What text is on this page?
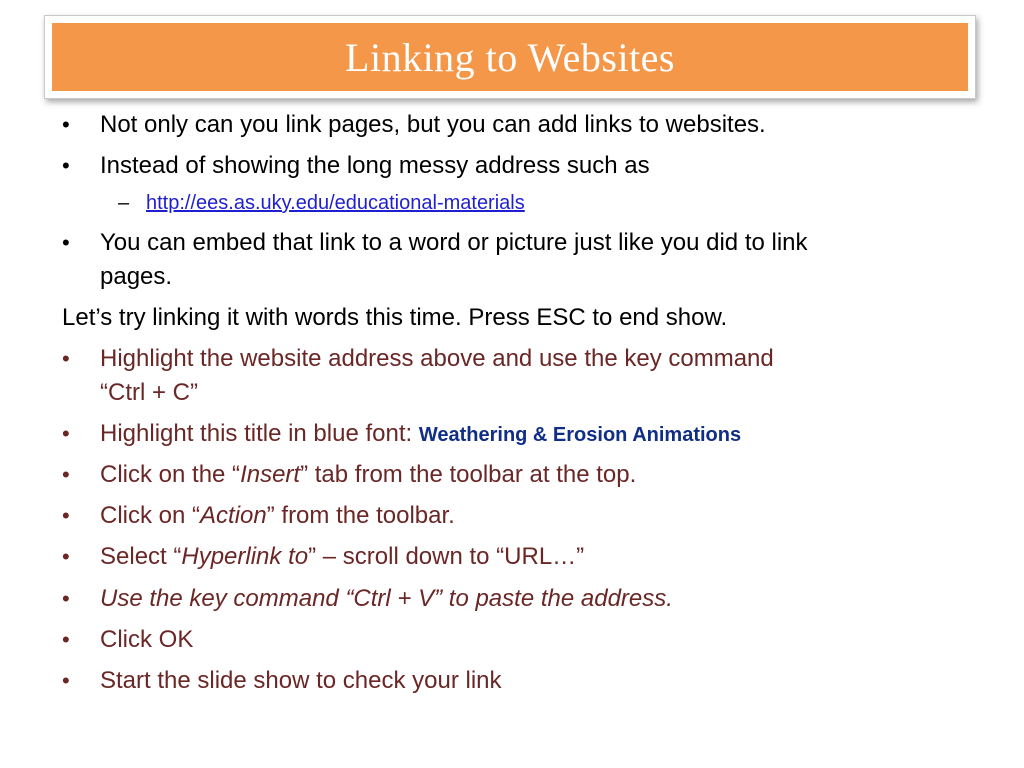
Linking to Websites
• Not only can you link pages, but you can add links to websites.
• Instead of showing the long messy address such as
– http://ees.as.uky.edu/educational-materials
• You can embed that link to a word or picture just like you did to link
pages.
Let’s try linking it with words this time. Press ESC to end show.
• Highlight the website address above and use the key command
“Ctrl + C”
• Highlight this title in blue font: Weathering & Erosion Animations
• Click on the “Insert” tab from the toolbar at the top.
• Click on “Action” from the toolbar.
• Select “Hyperlink to” – scroll down to “URL…”
• Use the key command “Ctrl + V” to paste the address.
• Click OK
• Start the slide show to check your link
